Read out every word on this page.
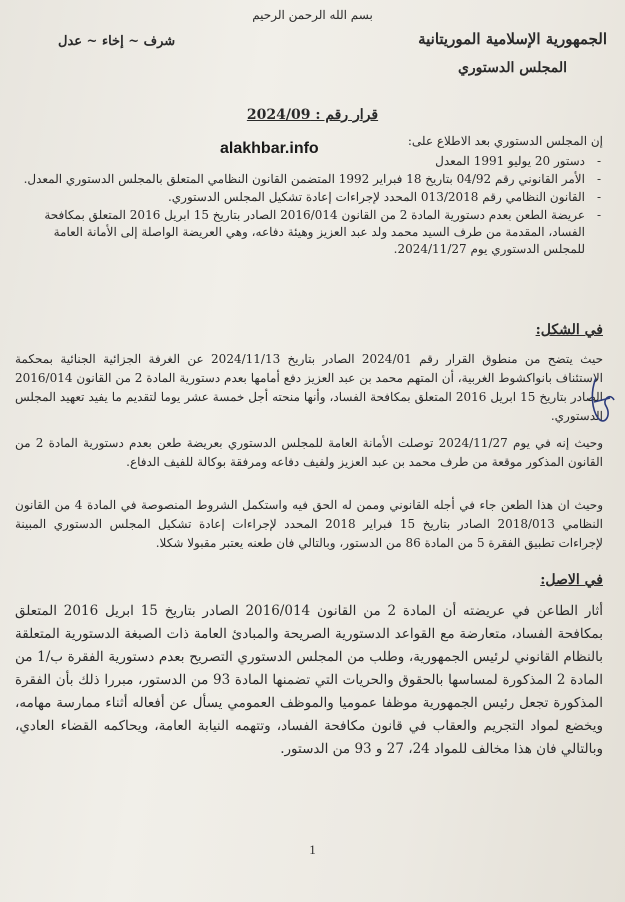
بسم الله الرحمن الرحيم
شرف ~ إخاء ~ عدل	الجمهورية الإسلامية الموريتانية
المجلس الدستوري
قرار رقم : 2024/09
إن المجلس الدستوري بعد الاطلاع على:
alakhbar.info
- دستور 20 يوليو 1991 المعدل
- الأمر القانوني رقم 04/92 بتاريخ 18 فبراير 1992 المتضمن القانون النظامي المتعلق بالمجلس الدستوري المعدل.
- القانون النظامي رقم 013/2018 المحدد لإجراءات إعادة تشكيل المجلس الدستوري.
- عريضة الطعن بعدم دستورية المادة 2 من القانون 2016/014 الصادر بتاريخ 15 ابريل 2016 المتعلق بمكافحة الفساد، المقدمة من طرف السيد محمد ولد عبد العزيز وهيئة دفاعه، وهي العريضة الواصلة إلى الأمانة العامة للمجلس الدستوري يوم 2024/11/27.
في الشكل:

حيث يتضح من منطوق القرار رقم 2024/01 الصادر بتاريخ 2024/11/13 عن الغرفة الجزائية الجنائية بمحكمة الاستئناف بانواكشوط الغربية، أن المتهم محمد بن عبد العزيز دفع أمامها بعدم دستورية المادة 2 من القانون 2016/014 الصادر بتاريخ 15 ابريل 2016 المتعلق بمكافحة الفساد، وأنها منحته أجل خمسة عشر يوما لتقديم ما يفيد تعهيد المجلس الدستوري.

وحيث إنه في يوم 2024/11/27 توصلت الأمانة العامة للمجلس الدستوري بعريضة طعن بعدم دستورية المادة 2 من القانون المذكور موقعة من طرف محمد بن عبد العزيز ولفيف دفاعه ومرفقة بوكالة للفيف الدفاع.

وحيث ان هذا الطعن جاء في أجله القانوني وممن له الحق فيه واستكمل الشروط المنصوصة في المادة 4 من القانون النظامي 2018/013 الصادر بتاريخ 15 فبراير 2018 المحدد لإجراءات إعادة تشكيل المجلس الدستوري المبينة لإجراءات تطبيق الفقرة 5 من المادة 86 من الدستور، وبالتالي فان طعنه يعتبر مقبولا شكلا.

في الاصل:

أثار الطاعن في عريضته أن المادة 2 من القانون 2016/014 الصادر بتاريخ 15 ابريل 2016 المتعلق بمكافحة الفساد، متعارضة مع القواعد الدستورية الصريحة والمبادئ العامة ذات الصبغة الدستورية المتعلقة بالنظام القانوني لرئيس الجمهورية، وطلب من المجلس الدستوري التصريح بعدم دستورية الفقرة ب/1 من المادة 2 المذكورة لمساسها بالحقوق والحريات التي تضمنها المادة 93 من الدستور، مبررا ذلك بأن الفقرة المذكورة تجعل رئيس الجمهورية موظفا عموميا والموظف العمومي يسأل عن أفعاله أثناء ممارسة مهامه، ويخضع لمواد التجريم والعقاب في قانون مكافحة الفساد، وتتهمه النيابة العامة، ويحاكمه القضاء العادي، وبالتالي فان هذا مخالف للمواد 24، 27 و 93 من الدستور.

1
